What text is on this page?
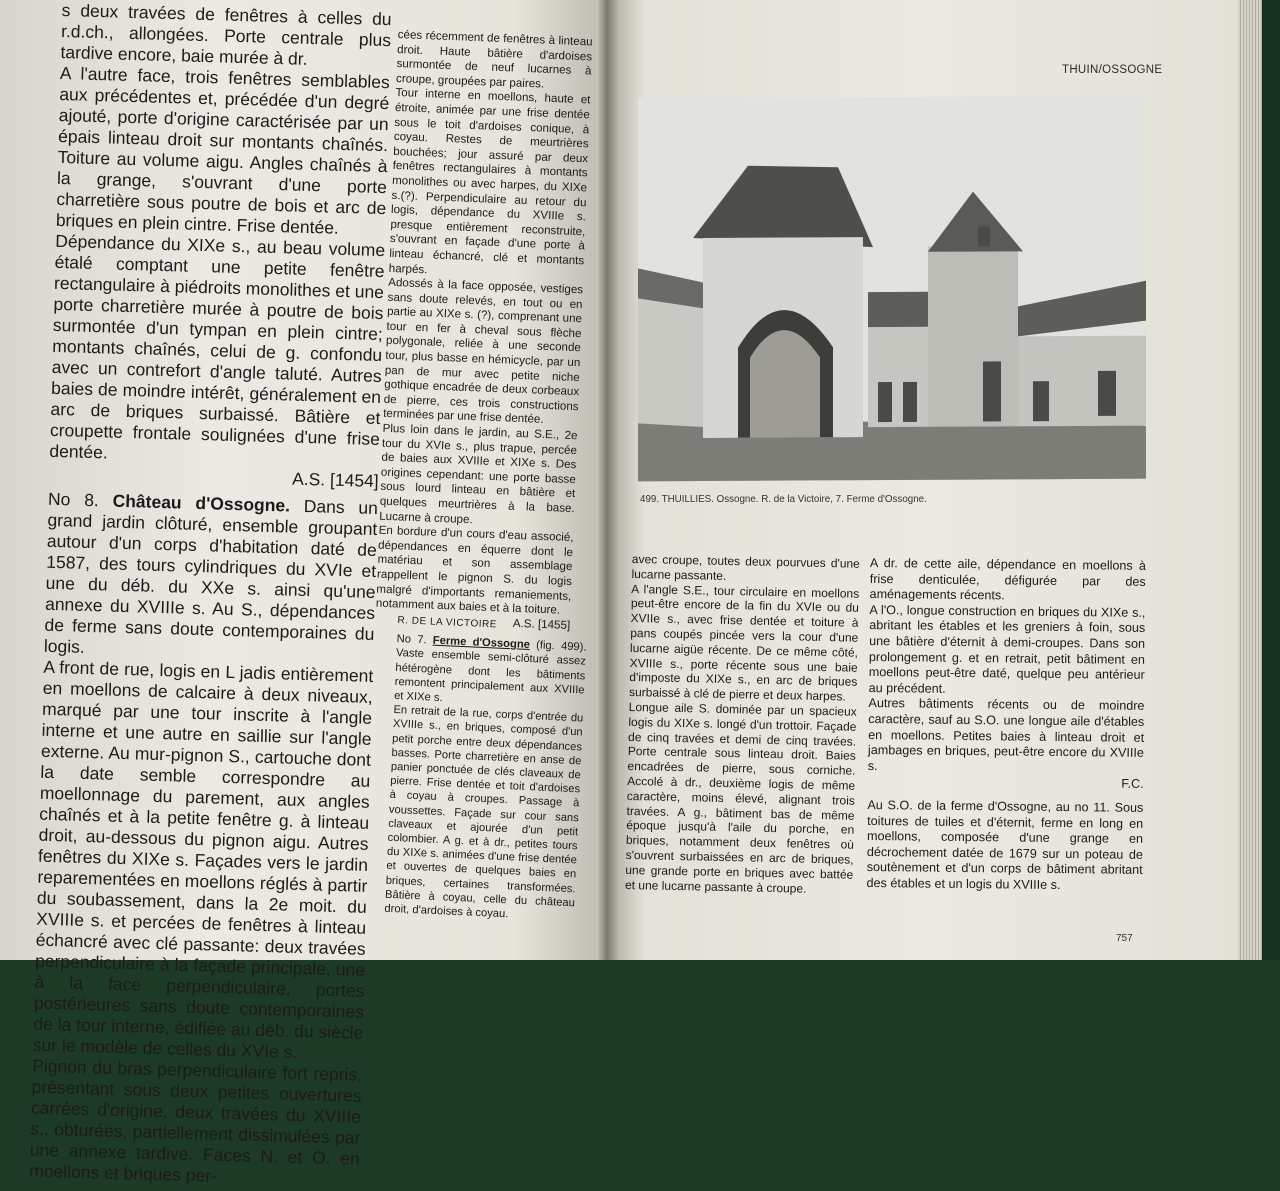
s deux travées de fenêtres à celles du r.d.ch., allongées. Porte centrale plus tardive encore, baie murée à dr.

A l'autre face, trois fenêtres semblables aux précédentes et, précédée d'un degré ajouté, porte d'origine caractérisée par un épais linteau droit sur montants chaînés. Toiture au volume aigu. Angles chaînés à la grange, s'ouvrant d'une porte charretière sous poutre de bois et arc de briques en plein cintre. Frise dentée.

Dépendance du XIXe s., au beau volume étalé comptant une petite fenêtre rectangulaire à piédroits monolithes et une porte charretière murée à poutre de bois surmontée d'un tympan en plein cintre; montants chaînés, celui de g. confondu avec un contrefort d'angle taluté. Autres baies de moindre intérêt, généralement en arc de briques surbaissé. Bâtière et croupette frontale soulignées d'une frise dentée.

A.S. [1454]

No 8. Château d'Ossogne. Dans un grand jardin clôturé, ensemble groupant autour d'un corps d'habitation daté de 1587, des tours cylindriques du XVIe et une du déb. du XXe s. ainsi qu'une annexe du XVIIIe s. Au S., dépendances de ferme sans doute contemporaines du logis.

A front de rue, logis en L jadis entièrement en moellons de calcaire à deux niveaux, marqué par une tour inscrite à l'angle interne et une autre en saillie sur l'angle externe. Au mur-pignon S., cartouche dont la date semble correspondre au moellonnage du parement, aux angles chaînés et à la petite fenêtre g. à linteau droit, au-dessous du pignon aigu. Autres fenêtres du XIXe s. Façades vers le jardin reparementées en moellons réglés à partir du soubassement, dans la 2e moit. du XVIIIe s. et percées de fenêtres à linteau échancré avec clé passante: deux travées perpendiculaire à la façade principale, une à la face perpendiculaire, portes postérieures sans doute contemporaines de la tour interne, édifiée au déb. du siècle sur le modèle de celles du XVIe s.

Pignon du bras perpendiculaire fort repris, présentant sous deux petites ouvertures carrées d'origine, deux travées du XVIIIe s., obturées, partiellement dissimulées par une annexe tardive. Faces N. et O. en moellons et briques per-

cées récemment de fenêtres à linteau droit. Haute bâtière d'ardoises surmontée de neuf lucarnes à croupe, groupées par paires.

Tour interne en moellons, haute et étroite, animée par une frise dentée sous le toit d'ardoises conique, à coyau. Restes de meurtrières bouchées; jour assuré par deux fenêtres rectangulaires à montants monolithes ou avec harpes, du XIXe s.(?). Perpendiculaire au retour du logis, dépendance du XVIIIe s. presque entièrement reconstruite, s'ouvrant en façade d'une porte à linteau échancré, clé et montants harpés.

Adossés à la face opposée, vestiges sans doute relevés, en tout ou en partie au XIXe s. (?), comprenant une tour en fer à cheval sous flèche polygonale, reliée à une seconde tour, plus basse en hémicycle, par un pan de mur avec petite niche gothique encadrée de deux corbeaux de pierre, ces trois constructions terminées par une frise dentée.

Plus loin dans le jardin, au S.E., 2e tour du XVIe s., plus trapue, percée de baies aux XVIIIe et XIXe s. Des origines cependant: une porte basse sous lourd linteau en bâtière et quelques meurtrières à la base. Lucarne à croupe.

En bordure d'un cours d'eau associé, dépendances en équerre dont le matériau et son assemblage rappellent le pignon S. du logis malgré d'importants remaniements, notamment aux baies et à la toiture.

A.S. [1455]

R. DE LA VICTOIRE

No 7. Ferme d'Ossogne (fig. 499). Vaste ensemble semi-clôturé assez hétérogène dont les bâtiments remontent principalement aux XVIIIe et XIXe s.

En retrait de la rue, corps d'entrée du XVIIIe s., en briques, composé d'un petit porche entre deux dépendances basses. Porte charretière en anse de panier ponctuée de clés claveaux de pierre. Frise dentée et toit d'ardoises à coyau à croupes. Passage à voussettes. Façade sur cour sans claveaux et ajourée d'un petit colombier. A g. et à dr., petites tours du XIXe s. animées d'une frise dentée et ouvertes de quelques baies en briques, certaines transformées. Bâtière à coyau, celle du château droit, d'ardoises à coyau.

THUIN/OSSOGNE
499. THUILLIES. Ossogne. R. de la Victoire, 7. Ferme d'Ossogne.

avec croupe, toutes deux pourvues d'une lucarne passante.

A l'angle S.E., tour circulaire en moellons peut-être encore de la fin du XVIe ou du XVIIe s., avec frise dentée et toiture à pans coupés pincée vers la cour d'une lucarne aigüe récente. De ce même côté, XVIIIe s., porte récente sous une baie d'imposte du XIXe s., en arc de briques surbaissé à clé de pierre et deux harpes.

Longue aile S. dominée par un spacieux logis du XIXe s. longé d'un trottoir. Façade de cinq travées et demi de cinq travées. Porte centrale sous linteau droit. Baies encadrées de pierre, sous corniche. Accolé à dr., deuxième logis de même caractère, moins élevé, alignant trois travées. A g., bâtiment bas de même époque jusqu'à l'aile du porche, en briques, notamment deux fenêtres où s'ouvrent surbaissées en arc de briques, une grande porte en briques avec battée et une lucarne passante à croupe.

A dr. de cette aile, dépendance en moellons à frise denticulée, défigurée par des aménagements récents.

A l'O., longue construction en briques du XIXe s., abritant les étables et les greniers à foin, sous une bâtière d'éternit à demi-croupes. Dans son prolongement g. et en retrait, petit bâtiment en moellons peut-être daté, quelque peu antérieur au précédent.

Autres bâtiments récents ou de moindre caractère, sauf au S.O. une longue aile d'étables en moellons. Petites baies à linteau droit et jambages en briques, peut-être encore du XVIIIe s.

F.C.

Au S.O. de la ferme d'Ossogne, au no 11. Sous toitures de tuiles et d'éternit, ferme en long en moellons, composée d'une grange en décrochement datée de 1679 sur un poteau de soutènement et d'un corps de bâtiment abritant des étables et un logis du XVIIIe s.

757
